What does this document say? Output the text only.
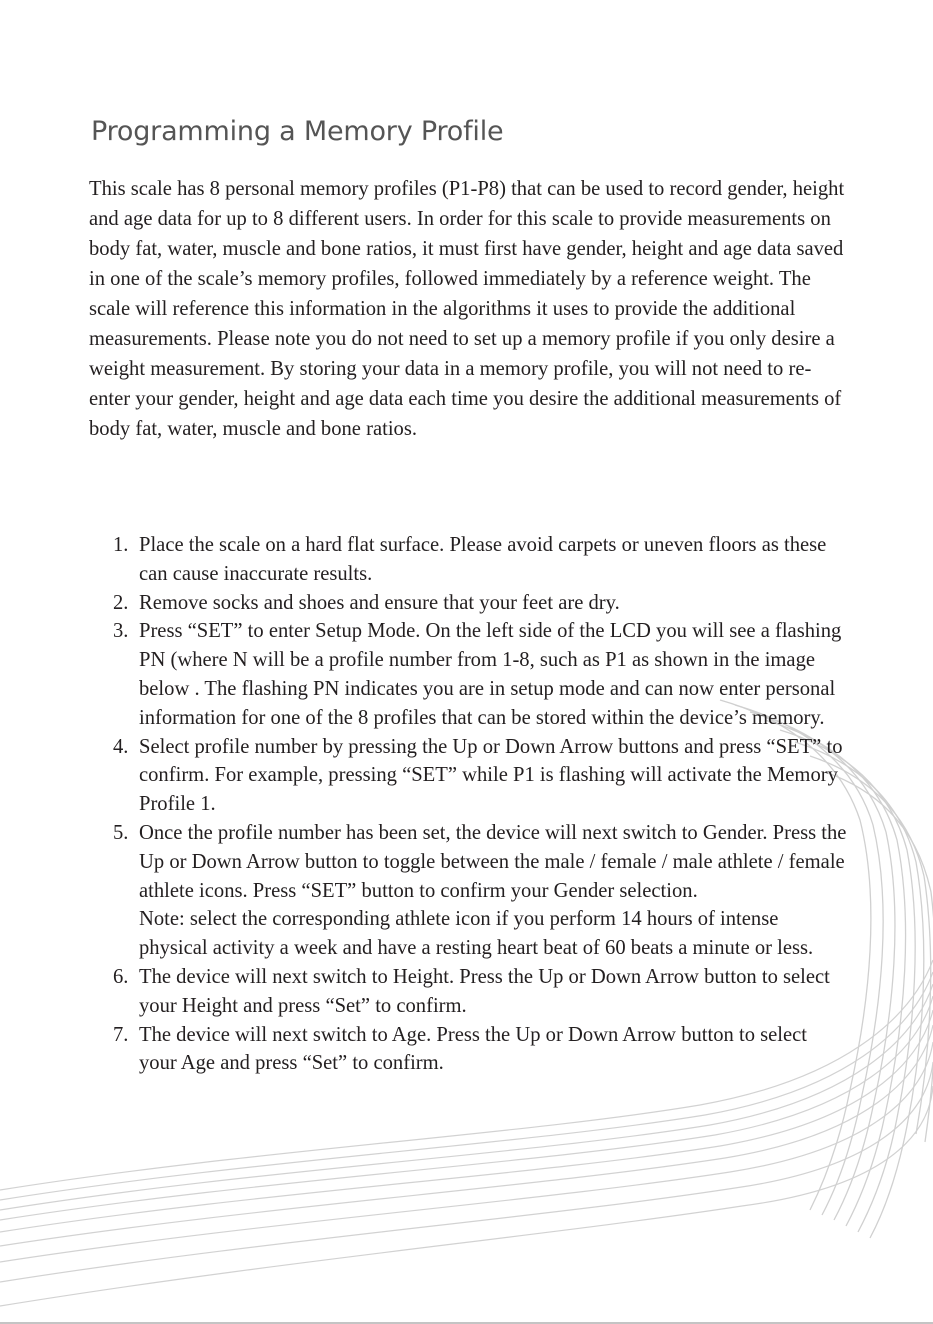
Programming a Memory Profile

This scale has 8 personal memory profiles (P1-P8) that can be used to record gender, height and age data for up to 8 different users. In order for this scale to provide measurements on body fat, water, muscle and bone ratios, it must first have gender, height and age data saved in one of the scale’s memory profiles, followed immediately by a reference weight. The scale will reference this information in the algorithms it uses to provide the additional measurements. Please note you do not need to set up a memory profile if you only desire a weight measurement. By storing your data in a memory profile, you will not need to re-enter your gender, height and age data each time you desire the additional measurements of body fat, water, muscle and bone ratios.

1. Place the scale on a hard flat surface. Please avoid carpets or uneven floors as these can cause inaccurate results.
2. Remove socks and shoes and ensure that your feet are dry.
3. Press “SET” to enter Setup Mode. On the left side of the LCD you will see a flashing PN (where N will be a profile number from 1-8, such as P1 as shown in the image below . The flashing PN indicates you are in setup mode and can now enter personal information for one of the 8 profiles that can be stored within the device’s memory.
4. Select profile number by pressing the Up or Down Arrow buttons and press “SET” to confirm. For example, pressing “SET” while P1 is flashing will activate the Memory Profile 1.
5. Once the profile number has been set, the device will next switch to Gender. Press the Up or Down Arrow button to toggle between the male / female / male athlete / female athlete icons. Press “SET” button to confirm your Gender selection.
Note: select the corresponding athlete icon if you perform 14 hours of intense physical activity a week and have a resting heart beat of 60 beats a minute or less.
6. The device will next switch to Height. Press the Up or Down Arrow button to select your Height and press “Set” to confirm.
7. The device will next switch to Age. Press the Up or Down Arrow button to select your Age and press “Set” to confirm.
